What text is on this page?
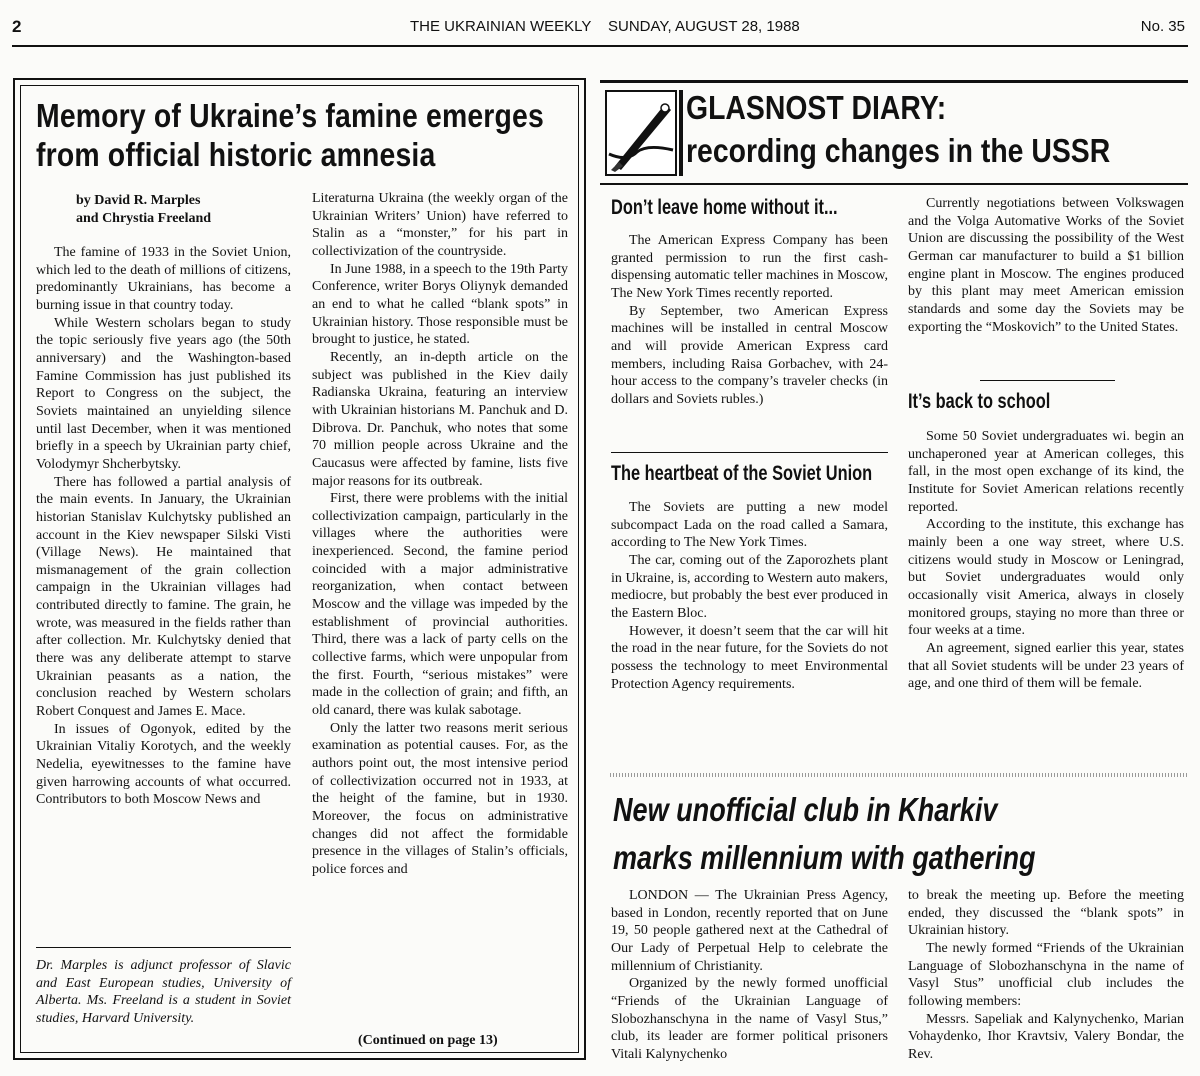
2	THE UKRAINIAN WEEKLY SUNDAY, AUGUST 28, 1988	No. 35
Memory of Ukraine’s famine emerges
from official historic amnesia
by David R. Marples
and Chrystia Freeland

The famine of 1933 in the Soviet Union, which led to the death of millions of citizens, predominantly Ukrainians, has become a burning issue in that country today.

While Western scholars began to study the topic seriously five years ago (the 50th anniversary) and the Washington-based Famine Commission has just published its Report to Congress on the subject, the Soviets maintained an unyielding silence until last December, when it was mentioned briefly in a speech by Ukrainian party chief, Volodymyr Shcherbytsky.

There has followed a partial analysis of the main events. In January, the Ukrainian historian Stanislav Kulchytsky published an account in the Kiev newspaper Silski Visti (Village News). He maintained that mismanagement of the grain collection campaign in the Ukrainian villages had contributed directly to famine. The grain, he wrote, was measured in the fields rather than after collection. Mr. Kulchytsky denied that there was any deliberate attempt to starve Ukrainian peasants as a nation, the conclusion reached by Western scholars Robert Conquest and James E. Mace.

In issues of Ogonyok, edited by the Ukrainian Vitaliy Korotych, and the weekly Nedelia, eyewitnesses to the famine have given harrowing accounts of what occurred. Contributors to both Moscow News and

Dr. Marples is adjunct professor of Slavic and East European studies, University of Alberta. Ms. Freeland is a student in Soviet studies, Harvard University.

Literaturna Ukraina (the weekly organ of the Ukrainian Writers’ Union) have referred to Stalin as a “monster,” for his part in collectivization of the countryside.

In June 1988, in a speech to the 19th Party Conference, writer Borys Oliynyk demanded an end to what he called “blank spots” in Ukrainian history. Those responsible must be brought to justice, he stated.

Recently, an in-depth article on the subject was published in the Kiev daily Radianska Ukraina, featuring an interview with Ukrainian historians M. Panchuk and D. Dibrova. Dr. Panchuk, who notes that some 70 million people across Ukraine and the Caucasus were affected by famine, lists five major reasons for its outbreak.

First, there were problems with the initial collectivization campaign, particularly in the villages where the authorities were inexperienced. Second, the famine period coincided with a major administrative reorganization, when contact between Moscow and the village was impeded by the establishment of provincial authorities. Third, there was a lack of party cells on the collective farms, which were unpopular from the first. Fourth, “serious mistakes” were made in the collection of grain; and fifth, an old canard, there was kulak sabotage.

Only the latter two reasons merit serious examination as potential causes. For, as the authors point out, the most intensive period of collectivization occurred not in 1933, at the height of the famine, but in 1930. Moreover, the focus on administrative changes did not affect the formidable presence in the villages of Stalin’s officials, police forces and

(Continued on page 13)
GLASNOST DIARY:
recording changes in the USSR
Don’t leave home without it...

The American Express Company has been granted permission to run the first cash-dispensing automatic teller machines in Moscow, The New York Times recently reported.

By September, two American Express machines will be installed in central Moscow and will provide American Express card members, including Raisa Gorbachev, with 24-hour access to the company’s traveler checks (in dollars and Soviets rubles.)

The heartbeat of the Soviet Union

The Soviets are putting a new model subcompact Lada on the road called a Samara, according to The New York Times.

The car, coming out of the Zaporozhets plant in Ukraine, is, according to Western auto makers, mediocre, but probably the best ever produced in the Eastern Bloc.

However, it doesn’t seem that the car will hit the road in the near future, for the Soviets do not possess the technology to meet Environmental Protection Agency requirements.

Currently negotiations between Volkswagen and the Volga Automative Works of the Soviet Union are discussing the possibility of the West German car manufacturer to build a $1 billion engine plant in Moscow. The engines produced by this plant may meet American emission standards and some day the Soviets may be exporting the “Moskovich” to the United States.

It’s back to school

Some 50 Soviet undergraduates wi. begin an unchaperoned year at American colleges, this fall, in the most open exchange of its kind, the Institute for Soviet American relations recently reported.

According to the institute, this exchange has mainly been a one way street, where U.S. citizens would study in Moscow or Leningrad, but Soviet undergraduates would only occasionally visit America, always in closely monitored groups, staying no more than three or four weeks at a time.

An agreement, signed earlier this year, states that all Soviet students will be under 23 years of age, and one third of them will be female.

New unofficial club in Kharkiv
marks millennium with gathering

LONDON — The Ukrainian Press Agency, based in London, recently reported that on June 19, 50 people gathered next at the Cathedral of Our Lady of Perpetual Help to celebrate the millennium of Christianity.

Organized by the newly formed unofficial “Friends of the Ukrainian Language of Slobozhanschyna in the name of Vasyl Stus,” club, its leader are former political prisoners Vitali Kalynychenko

to break the meeting up. Before the meeting ended, they discussed the “blank spots” in Ukrainian history.

The newly formed “Friends of the Ukrainian Language of Slobozhanschyna in the name of Vasyl Stus” unofficial club includes the following members:

Messrs. Sapeliak and Kalynychenko, Marian Vohaydenko, Ihor Kravtsiv, Valery Bondar, the Rev.
